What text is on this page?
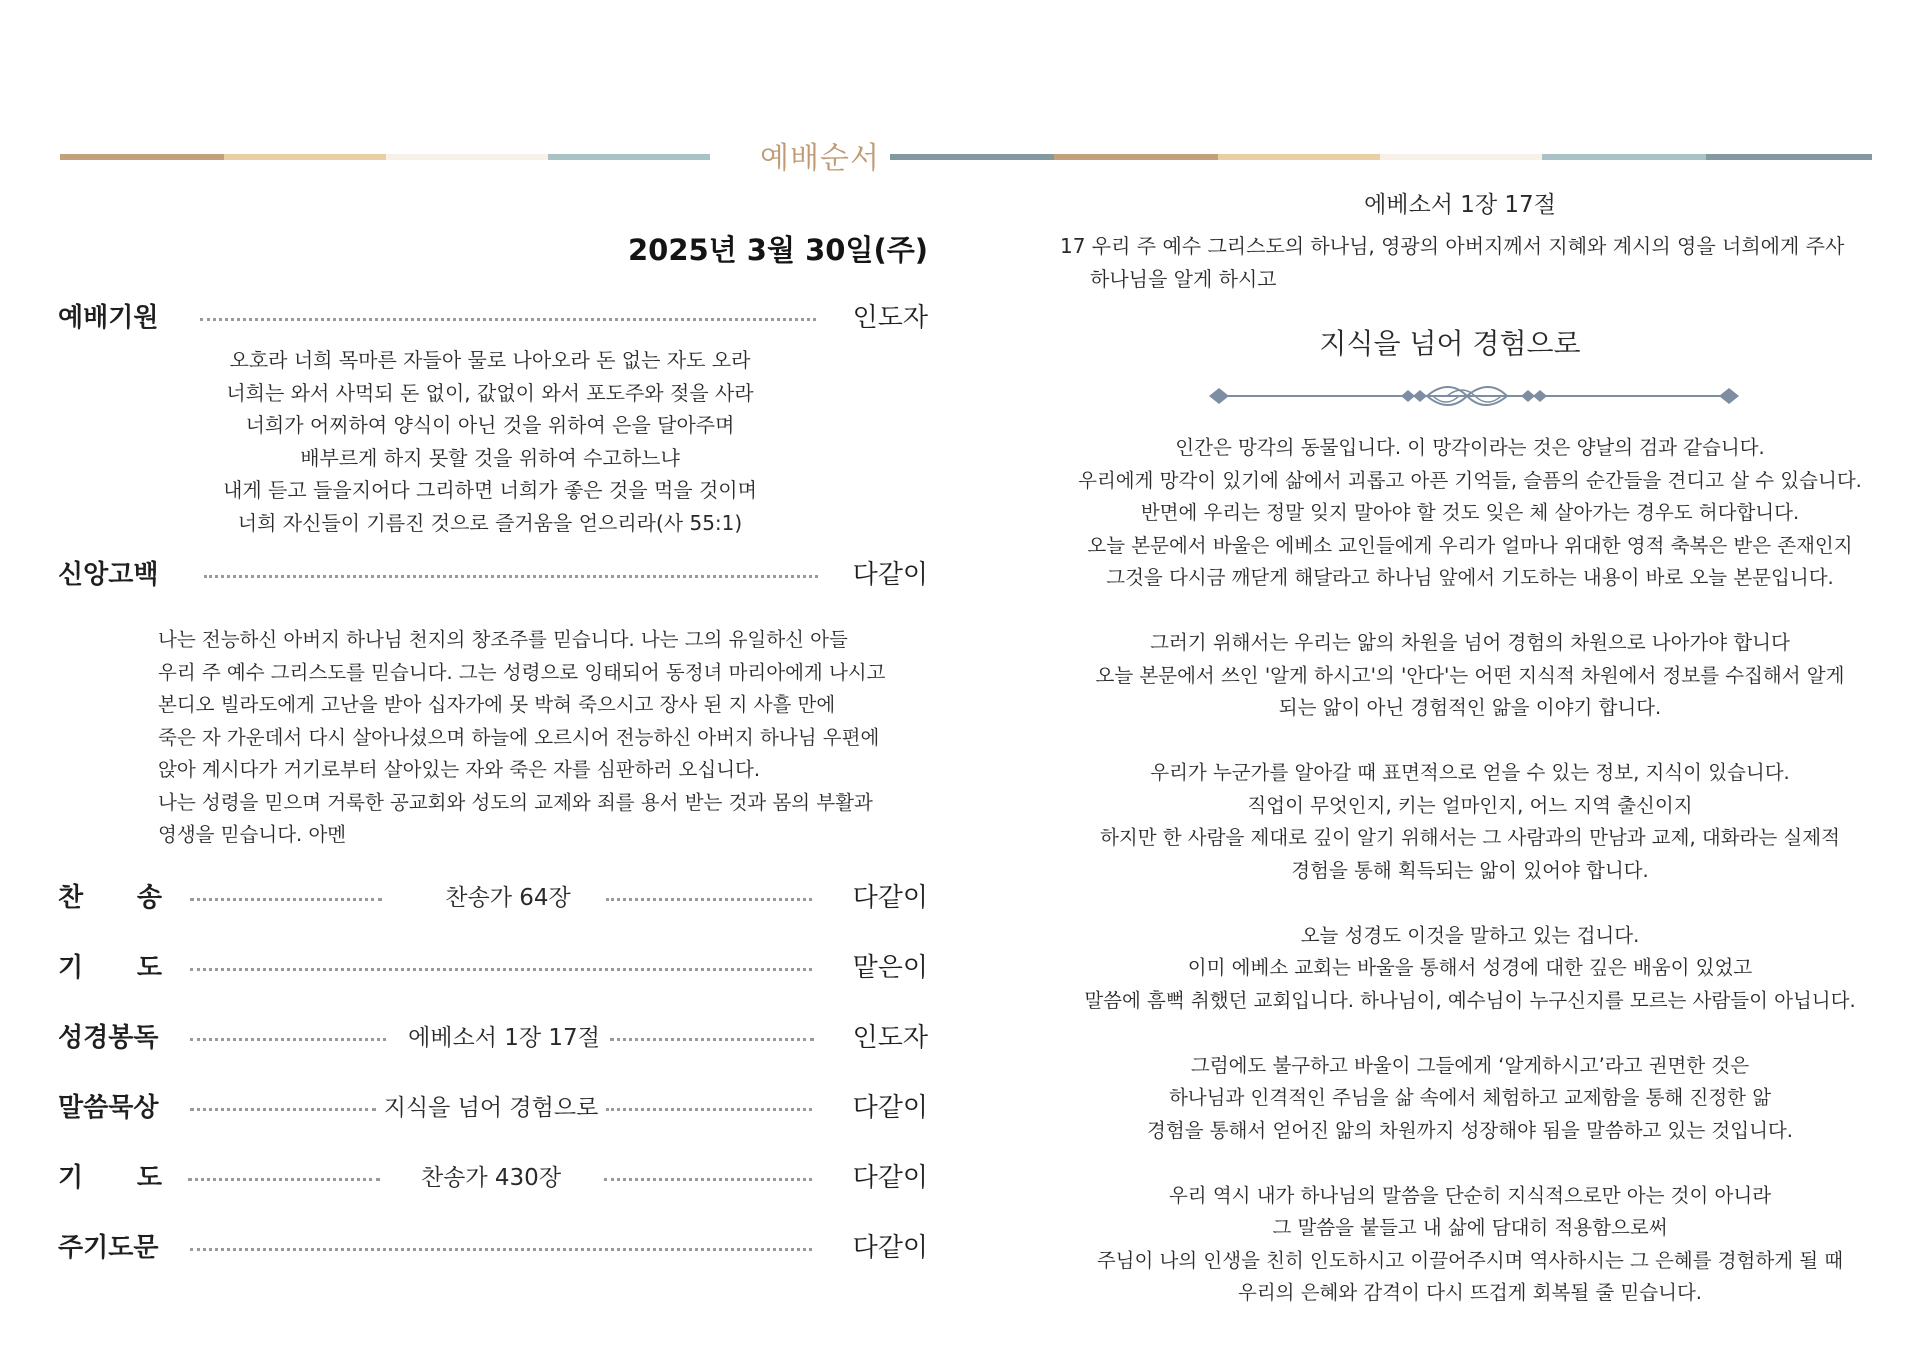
예배순서
2025년 3월 30일(주)
예배기원	인도자
오호라 너희 목마른 자들아 물로 나아오라 돈 없는 자도 오라
너희는 와서 사먹되 돈 없이, 값없이 와서 포도주와 젖을 사라
너희가 어찌하여 양식이 아닌 것을 위하여 은을 달아주며
배부르게 하지 못할 것을 위하여 수고하느냐
내게 듣고 들을지어다 그리하면 너희가 좋은 것을 먹을 것이며
너희 자신들이 기름진 것으로 즐거움을 얻으리라(사 55:1)
신앙고백	다같이
나는 전능하신 아버지 하나님 천지의 창조주를 믿습니다. 나는 그의 유일하신 아들
우리 주 예수 그리스도를 믿습니다. 그는 성령으로 잉태되어 동정녀 마리아에게 나시고
본디오 빌라도에게 고난을 받아 십자가에 못 박혀 죽으시고 장사 된 지 사흘 만에
죽은 자 가운데서 다시 살아나셨으며 하늘에 오르시어 전능하신 아버지 하나님 우편에
앉아 계시다가 거기로부터 살아있는 자와 죽은 자를 심판하러 오십니다.
나는 성령을 믿으며 거룩한 공교회와 성도의 교제와 죄를 용서 받는 것과 몸의 부활과
영생을 믿습니다. 아멘
찬 송	찬송가 64장	다같이
기 도	맡은이
성경봉독	에베소서 1장 17절	인도자
말씀묵상	지식을 넘어 경험으로	다같이
기 도	찬송가 430장	다같이
주기도문	다같이
에베소서 1장 17절
17 우리 주 예수 그리스도의 하나님, 영광의 아버지께서 지혜와 계시의 영을 너희에게 주사
하나님을 알게 하시고
지식을 넘어 경험으로
인간은 망각의 동물입니다. 이 망각이라는 것은 양날의 검과 같습니다.
우리에게 망각이 있기에 삶에서 괴롭고 아픈 기억들, 슬픔의 순간들을 견디고 살 수 있습니다.
반면에 우리는 정말 잊지 말아야 할 것도 잊은 체 살아가는 경우도 허다합니다.
오늘 본문에서 바울은 에베소 교인들에게 우리가 얼마나 위대한 영적 축복은 받은 존재인지
그것을 다시금 깨닫게 해달라고 하나님 앞에서 기도하는 내용이 바로 오늘 본문입니다.
그러기 위해서는 우리는 앎의 차원을 넘어 경험의 차원으로 나아가야 합니다
오늘 본문에서 쓰인 '알게 하시고'의 '안다'는 어떤 지식적 차원에서 정보를 수집해서 알게
되는 앎이 아닌 경험적인 앎을 이야기 합니다.
우리가 누군가를 알아갈 때 표면적으로 얻을 수 있는 정보, 지식이 있습니다.
직업이 무엇인지, 키는 얼마인지, 어느 지역 출신이지
하지만 한 사람을 제대로 깊이 알기 위해서는 그 사람과의 만남과 교제, 대화라는 실제적
경험을 통해 획득되는 앎이 있어야 합니다.
오늘 성경도 이것을 말하고 있는 겁니다.
이미 에베소 교회는 바울을 통해서 성경에 대한 깊은 배움이 있었고
말씀에 흠뻑 취했던 교회입니다. 하나님이, 예수님이 누구신지를 모르는 사람들이 아닙니다.
그럼에도 불구하고 바울이 그들에게 ‘알게하시고’라고 권면한 것은
하나님과 인격적인 주님을 삶 속에서 체험하고 교제함을 통해 진정한 앎
경험을 통해서 얻어진 앎의 차원까지 성장해야 됨을 말씀하고 있는 것입니다.
우리 역시 내가 하나님의 말씀을 단순히 지식적으로만 아는 것이 아니라
그 말씀을 붙들고 내 삶에 담대히 적용함으로써
주님이 나의 인생을 친히 인도하시고 이끌어주시며 역사하시는 그 은혜를 경험하게 될 때
우리의 은혜와 감격이 다시 뜨겁게 회복될 줄 믿습니다.
